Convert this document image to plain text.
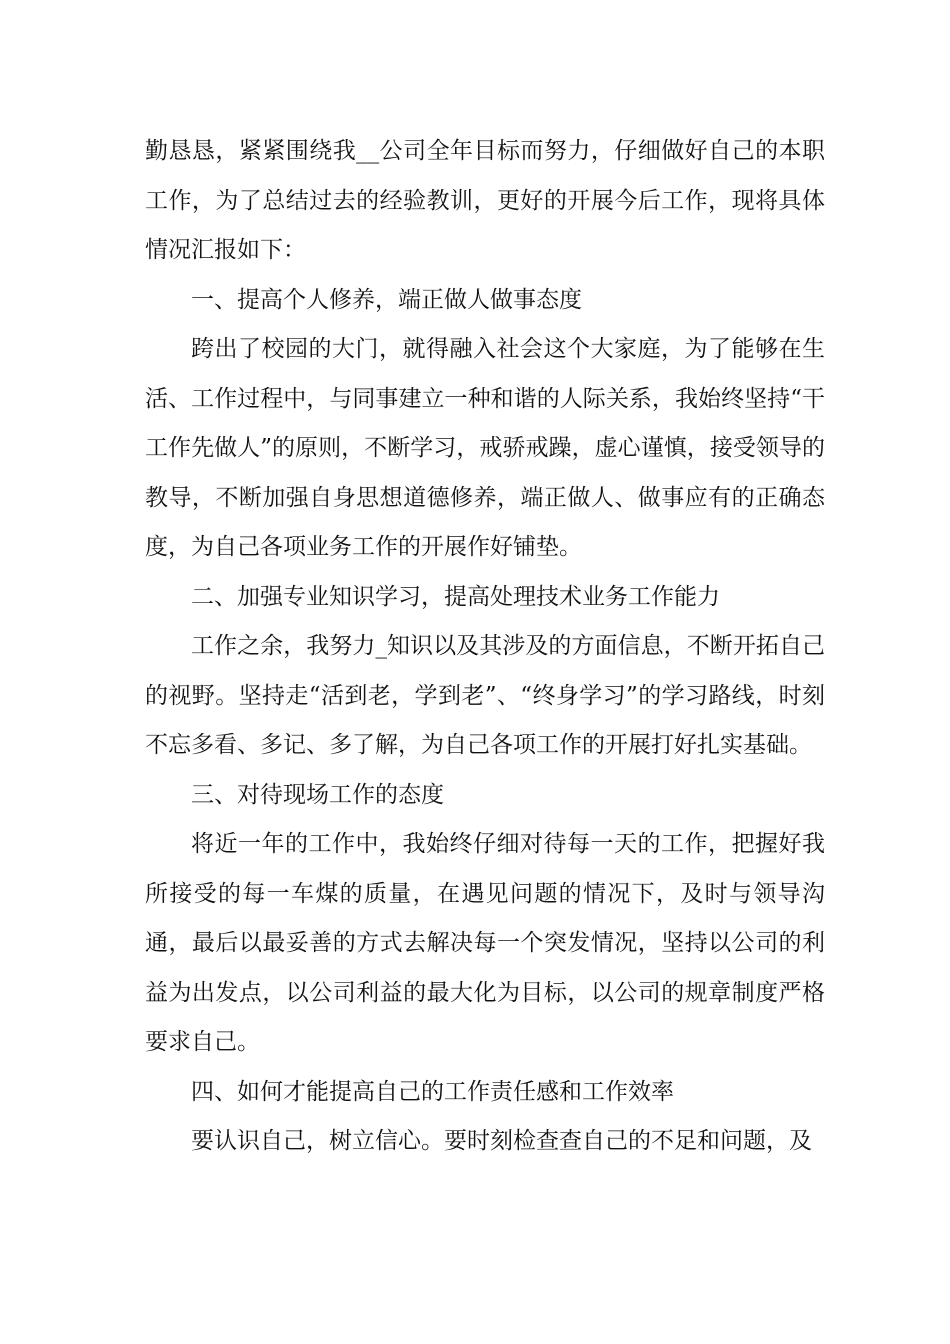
勤恳恳，紧紧围绕我__公司全年目标而努力，仔细做好自己的本职工作，为了总结过去的经验教训，更好的开展今后工作，现将具体情况汇报如下：

一、提高个人修养，端正做人做事态度

跨出了校园的大门，就得融入社会这个大家庭，为了能够在生活、工作过程中，与同事建立一种和谐的人际关系，我始终坚持“干工作先做人”的原则，不断学习，戒骄戒躁，虚心谨慎，接受领导的教导，不断加强自身思想道德修养，端正做人、做事应有的正确态度，为自己各项业务工作的开展作好铺垫。

二、加强专业知识学习，提高处理技术业务工作能力

工作之余，我努力_知识以及其涉及的方面信息，不断开拓自己的视野。坚持走“活到老，学到老”、“终身学习”的学习路线，时刻不忘多看、多记、多了解，为自己各项工作的开展打好扎实基础。

三、对待现场工作的态度

将近一年的工作中，我始终仔细对待每一天的工作，把握好我所接受的每一车煤的质量，在遇见问题的情况下，及时与领导沟通，最后以最妥善的方式去解决每一个突发情况，坚持以公司的利益为出发点，以公司利益的最大化为目标，以公司的规章制度严格要求自己。

四、如何才能提高自己的工作责任感和工作效率

要认识自己，树立信心。要时刻检查查自己的不足和问题，及
